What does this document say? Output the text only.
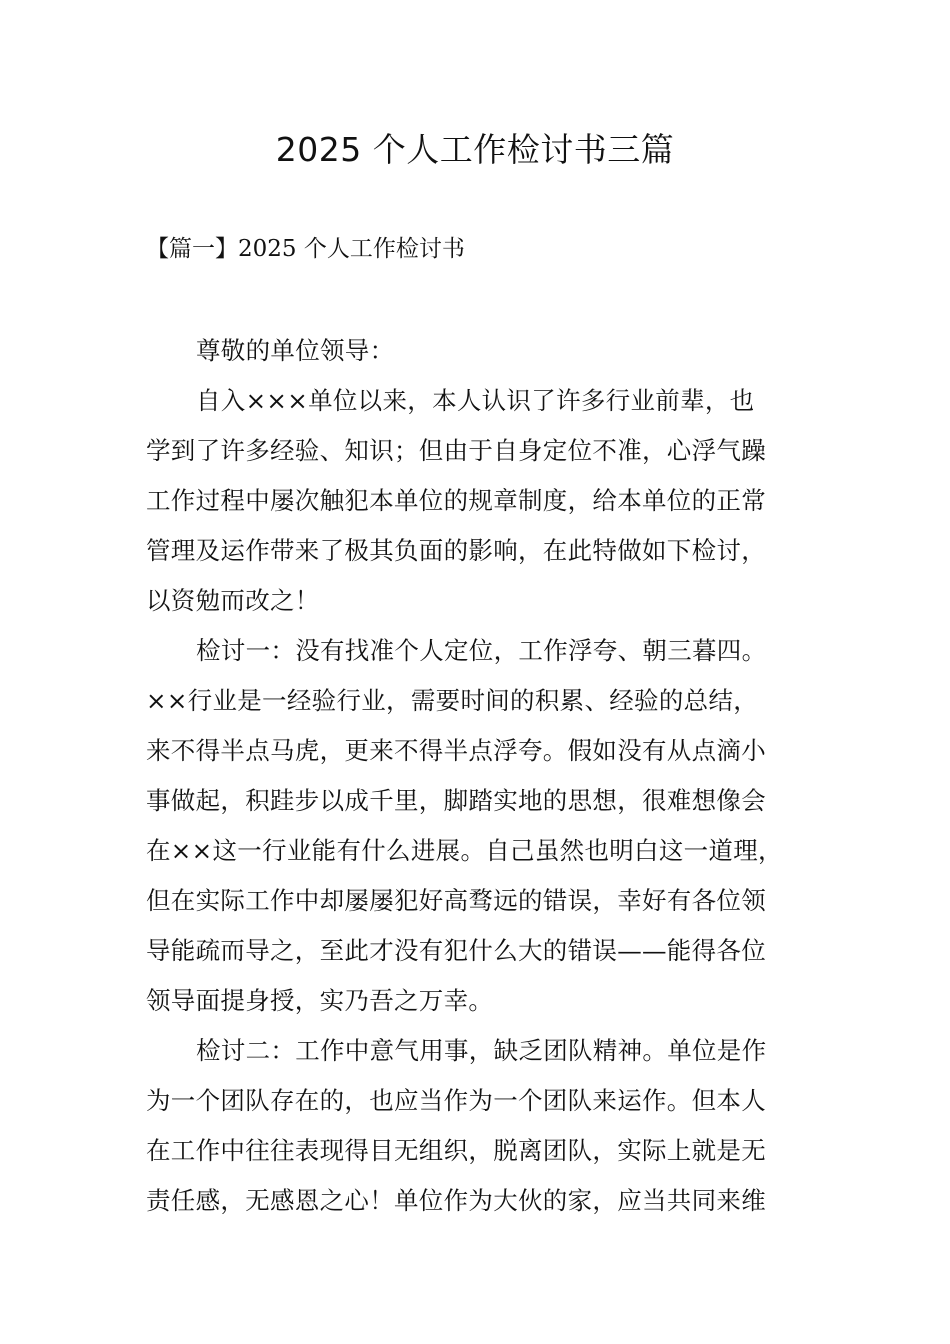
2025 个人工作检讨书三篇
【篇一】2025 个人工作检讨书
尊敬的单位领导：
自入×××单位以来，本人认识了许多行业前辈，也
学到了许多经验、知识；但由于自身定位不准，心浮气躁
工作过程中屡次触犯本单位的规章制度，给本单位的正常
管理及运作带来了极其负面的影响，在此特做如下检讨，
以资勉而改之！
检讨一：没有找准个人定位，工作浮夸、朝三暮四。
××行业是一经验行业，需要时间的积累、经验的总结，
来不得半点马虎，更来不得半点浮夸。假如没有从点滴小
事做起，积跬步以成千里，脚踏实地的思想，很难想像会
在××这一行业能有什么进展。自己虽然也明白这一道理，
但在实际工作中却屡屡犯好高骛远的错误，幸好有各位领
导能疏而导之，至此才没有犯什么大的错误——能得各位
领导面提身授，实乃吾之万幸。
检讨二：工作中意气用事，缺乏团队精神。单位是作
为一个团队存在的，也应当作为一个团队来运作。但本人
在工作中往往表现得目无组织，脱离团队，实际上就是无
责任感，无感恩之心！单位作为大伙的家，应当共同来维
